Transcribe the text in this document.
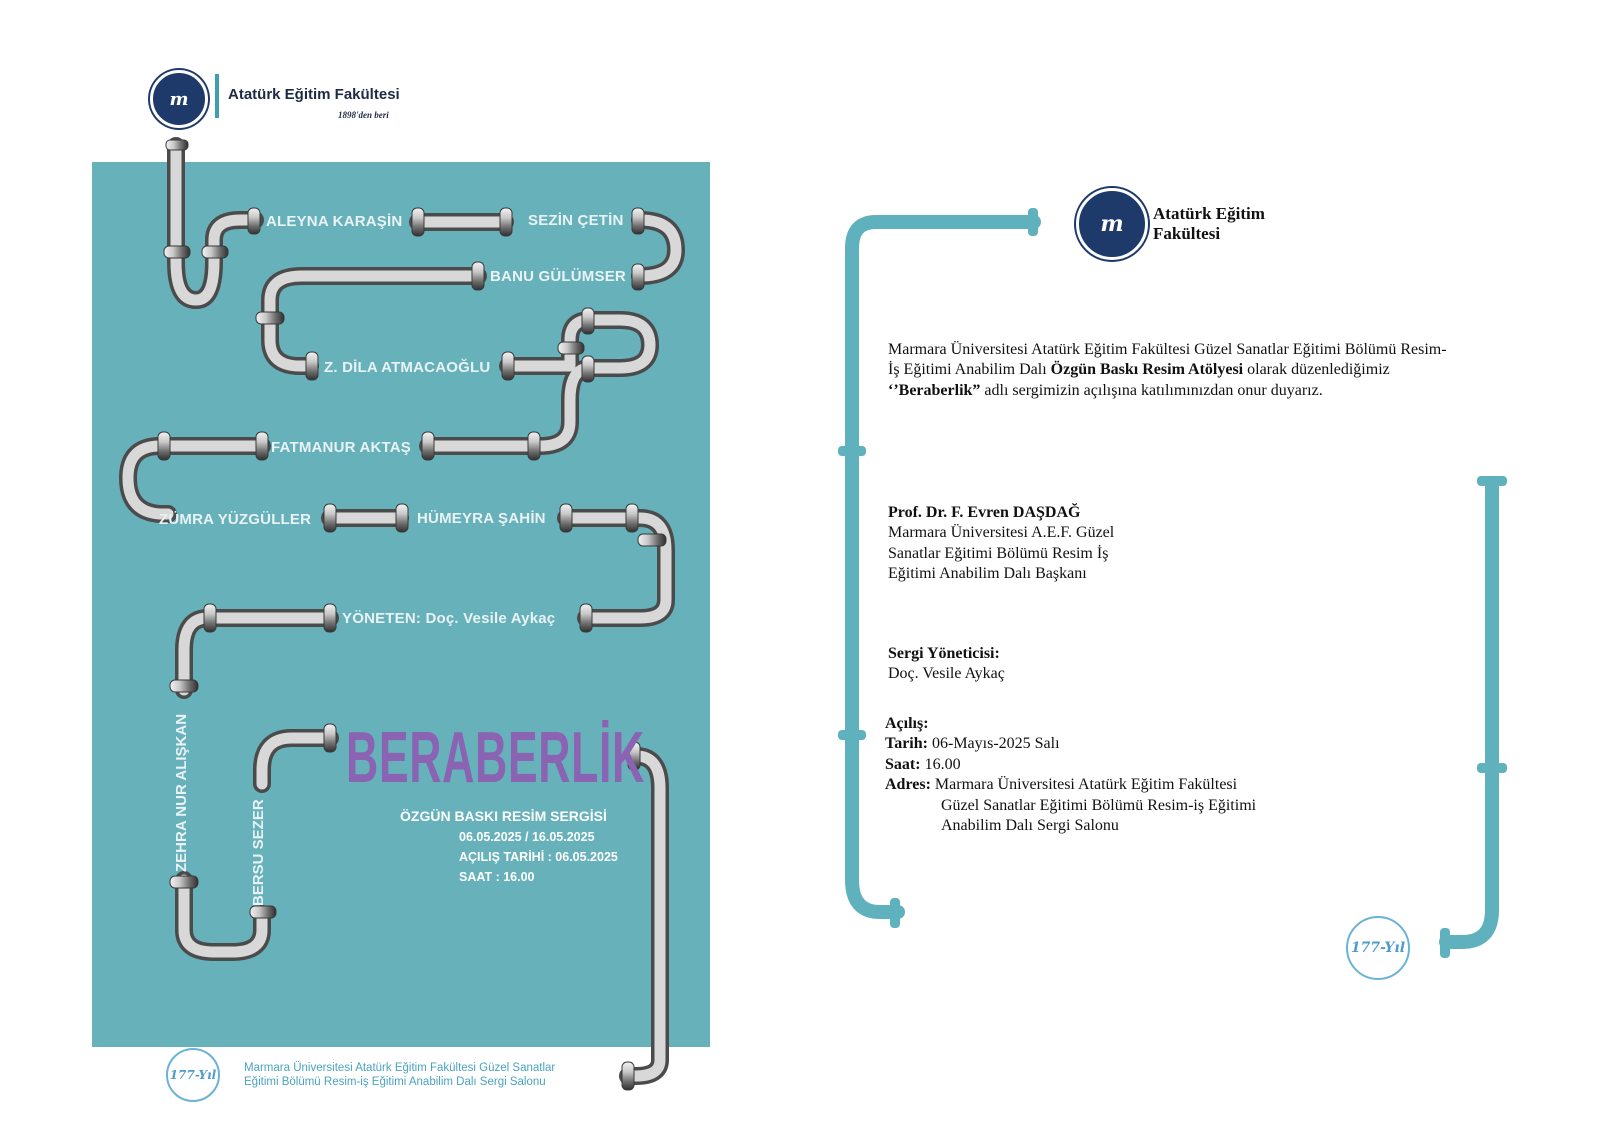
m	Atatürk Eğitim Fakültesi
1898'den beri
ALEYNA KARAŞİN	SEZİN ÇETİN
BANU GÜLÜMSER
Z. DİLA ATMACAOĞLU
FATMANUR AKTAŞ
ZÜMRA YÜZGÜLLER	HÜMEYRA ŞAHİN
YÖNETEN: Doç. Vesile Aykaç
ZEHRA NUR ALIŞKAN	BERSU SEZER
BERABERLİK
ÖZGÜN BASKI RESİM SERGİSİ
06.05.2025 / 16.05.2025
AÇILIŞ TARİHİ : 06.05.2025
SAAT : 16.00
177-Yıl Marmara Üniversitesi Atatürk Eğitim Fakültesi Güzel Sanatlar
Eğitimi Bölümü Resim-iş Eğitimi Anabilim Dalı Sergi Salonu
m Atatürk Eğitim
Fakültesi
Marmara Üniversitesi Atatürk Eğitim Fakültesi Güzel Sanatlar Eğitimi Bölümü Resim-İş Eğitimi Anabilim Dalı Özgün Baskı Resim Atölyesi olarak düzenlediğimiz ‘’Beraberlik” adlı sergimizin açılışına katılımınızdan onur duyarız.
Prof. Dr. F. Evren DAŞDAĞ
Marmara Üniversitesi A.E.F. Güzel
Sanatlar Eğitimi Bölümü Resim İş
Eğitimi Anabilim Dalı Başkanı
Sergi Yöneticisi:
Doç. Vesile Aykaç
Açılış:
Tarih: 06-Mayıs-2025 Salı
Saat: 16.00
Adres: Marmara Üniversitesi Atatürk Eğitim Fakültesi
Güzel Sanatlar Eğitimi Bölümü Resim-iş Eğitimi
Anabilim Dalı Sergi Salonu
177-Yıl
